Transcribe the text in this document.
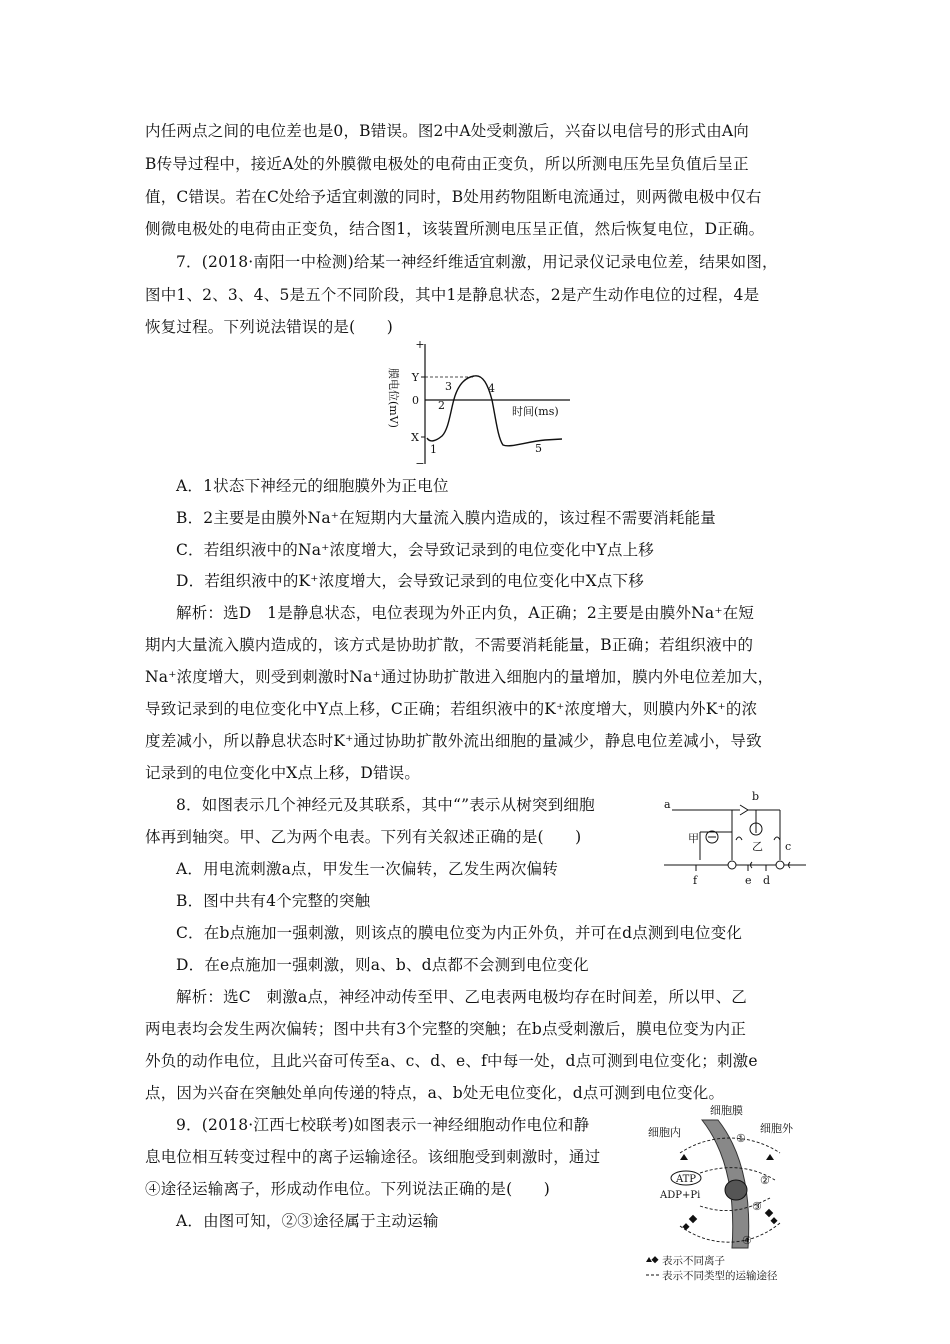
内任两点之间的电位差也是0，B错误。图2中A处受刺激后，兴奋以电信号的形式由A向
B传导过程中，接近A处的外膜微电极处的电荷由正变负，所以所测电压先呈负值后呈正
值，C错误。若在C处给予适宜刺激的同时，B处用药物阻断电流通过，则两微电极中仅右
侧微电极处的电荷由正变负，结合图1，该装置所测电压呈正值，然后恢复电位，D正确。
7．(2018·南阳一中检测)给某一神经纤维适宜刺激，用记录仪记录电位差，结果如图，
图中1、2、3、4、5是五个不同阶段，其中1是静息状态，2是产生动作电位的过程，4是
恢复过程。下列说法错误的是(　　)
+
Y
0
X
−
1
2
3	4
5
时间(ms)
膜电位(mV)
A．1状态下神经元的细胞膜外为正电位
B．2主要是由膜外Na⁺在短期内大量流入膜内造成的，该过程不需要消耗能量
C．若组织液中的Na⁺浓度增大，会导致记录到的电位变化中Y点上移
D．若组织液中的K⁺浓度增大，会导致记录到的电位变化中X点下移
解析：选D　1是静息状态，电位表现为外正内负，A正确；2主要是由膜外Na⁺在短
期内大量流入膜内造成的，该方式是协助扩散，不需要消耗能量，B正确；若组织液中的
Na⁺浓度增大，则受到刺激时Na⁺通过协助扩散进入细胞内的量增加，膜内外电位差加大，
导致记录到的电位变化中Y点上移，C正确；若组织液中的K⁺浓度增大，则膜内外K⁺的浓
度差减小，所以静息状态时K⁺通过协助扩散外流出细胞的量减少，静息电位差减小，导致
记录到的电位变化中X点上移，D错误。
8．如图表示几个神经元及其联系，其中“”表示从树突到细胞
体再到轴突。甲、乙为两个电表。下列有关叙述正确的是(　　)
a
b
甲
乙 c
f	e d
A．用电流刺激a点，甲发生一次偏转，乙发生两次偏转
B．图中共有4个完整的突触
C．在b点施加一强刺激，则该点的膜电位变为内正外负，并可在d点测到电位变化
D．在e点施加一强刺激，则a、b、d点都不会测到电位变化
解析：选C　刺激a点，神经冲动传至甲、乙电表两电极均存在时间差，所以甲、乙
两电表均会发生两次偏转；图中共有3个完整的突触；在b点受刺激后，膜电位变为内正
外负的动作电位，且此兴奋可传至a、c、d、e、f中每一处，d点可测到电位变化；刺激e
点，因为兴奋在突触处单向传递的特点，a、b处无电位变化，d点可测到电位变化。
9．(2018·江西七校联考)如图表示一神经细胞动作电位和静
息电位相互转变过程中的离子运输途径。该细胞受到刺激时，通过
④途径运输离子，形成动作电位。下列说法正确的是(　　)
A．由图可知，②③途径属于主动运输
细胞膜
细胞内	细胞外
ATP
ADP+Pi
①
②
③
④
表示不同离子
表示不同类型的运输途径
